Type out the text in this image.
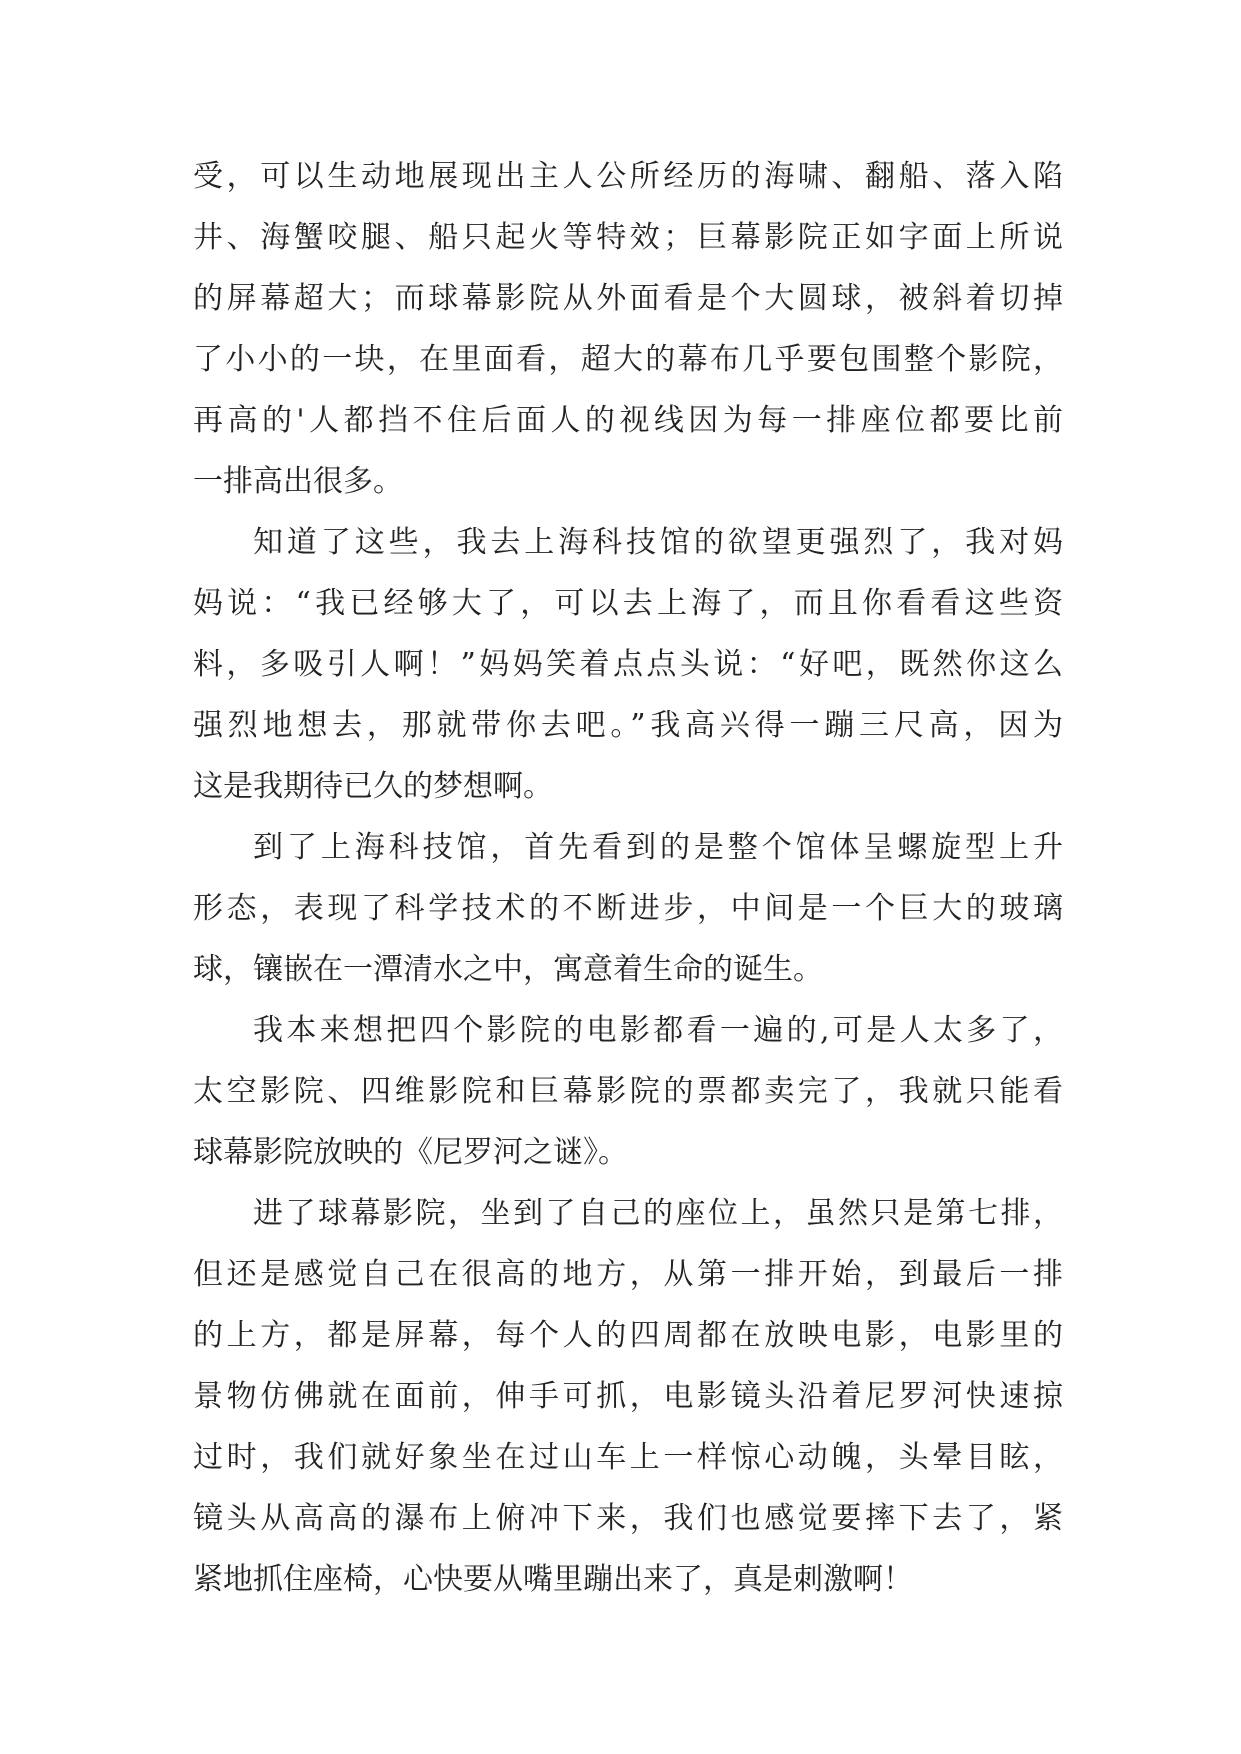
受，可以生动地展现出主人公所经历的海啸、翻船、落入陷
井、海蟹咬腿、船只起火等特效；巨幕影院正如字面上所说
的屏幕超大；而球幕影院从外面看是个大圆球，被斜着切掉
了小小的一块，在里面看，超大的幕布几乎要包围整个影院，
再高的'人都挡不住后面人的视线因为每一排座位都要比前
一排高出很多。
知道了这些，我去上海科技馆的欲望更强烈了，我对妈
妈说：“我已经够大了，可以去上海了，而且你看看这些资
料，多吸引人啊！”妈妈笑着点点头说：“好吧，既然你这么
强烈地想去，那就带你去吧。”我高兴得一蹦三尺高，因为
这是我期待已久的梦想啊。
到了上海科技馆，首先看到的是整个馆体呈螺旋型上升
形态，表现了科学技术的不断进步，中间是一个巨大的玻璃
球，镶嵌在一潭清水之中，寓意着生命的诞生。
我本来想把四个影院的电影都看一遍的,可是人太多了，
太空影院、四维影院和巨幕影院的票都卖完了，我就只能看
球幕影院放映的《尼罗河之谜》。
进了球幕影院，坐到了自己的座位上，虽然只是第七排，
但还是感觉自己在很高的地方，从第一排开始，到最后一排
的上方，都是屏幕，每个人的四周都在放映电影，电影里的
景物仿佛就在面前，伸手可抓，电影镜头沿着尼罗河快速掠
过时，我们就好象坐在过山车上一样惊心动魄，头晕目眩，
镜头从高高的瀑布上俯冲下来，我们也感觉要摔下去了，紧
紧地抓住座椅，心快要从嘴里蹦出来了，真是刺激啊！
